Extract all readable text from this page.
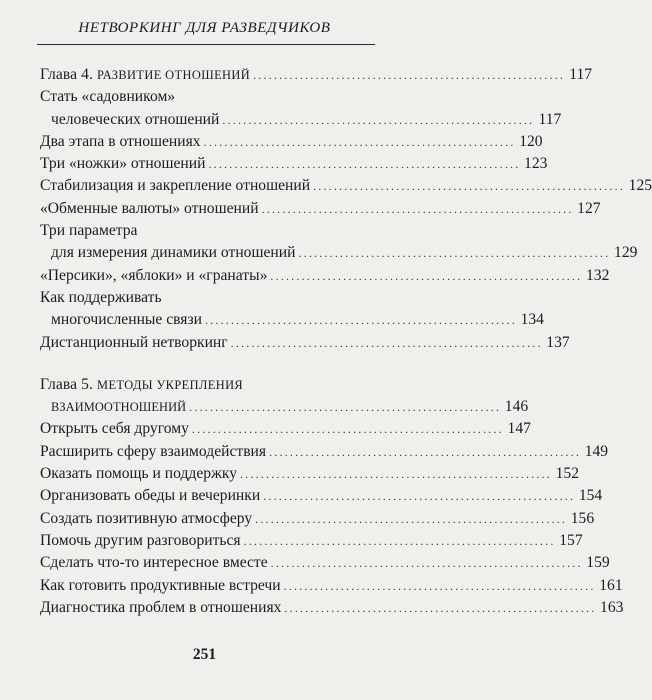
НЕТВОРКИНГ ДЛЯ РАЗВЕДЧИКОВ
Глава 4. РАЗВИТИЕ ОТНОШЕНИЙ ............................................................ 117
Стать «садовником»
человеческих отношений ............................................................ 117
Два этапа в отношениях ............................................................ 120
Три «ножки» отношений ............................................................ 123
Стабилизация и закрепление отношений ............................................................ 125
«Обменные валюты» отношений ............................................................ 127
Три параметра
для измерения динамики отношений ............................................................ 129
«Персики», «яблоки» и «гранаты» ............................................................ 132
Как поддерживать
многочисленные связи ............................................................ 134
Дистанционный нетворкинг ............................................................ 137
Глава 5. МЕТОДЫ УКРЕПЛЕНИЯ
ВЗАИМООТНОШЕНИЙ ............................................................ 146
Открыть себя другому ............................................................ 147
Расширить сферу взаимодействия ............................................................ 149
Оказать помощь и поддержку ............................................................ 152
Организовать обеды и вечеринки ............................................................ 154
Создать позитивную атмосферу ............................................................ 156
Помочь другим разговориться ............................................................ 157
Сделать что-то интересное вместе ............................................................ 159
Как готовить продуктивные встречи ............................................................ 161
Диагностика проблем в отношениях ............................................................ 163
251
